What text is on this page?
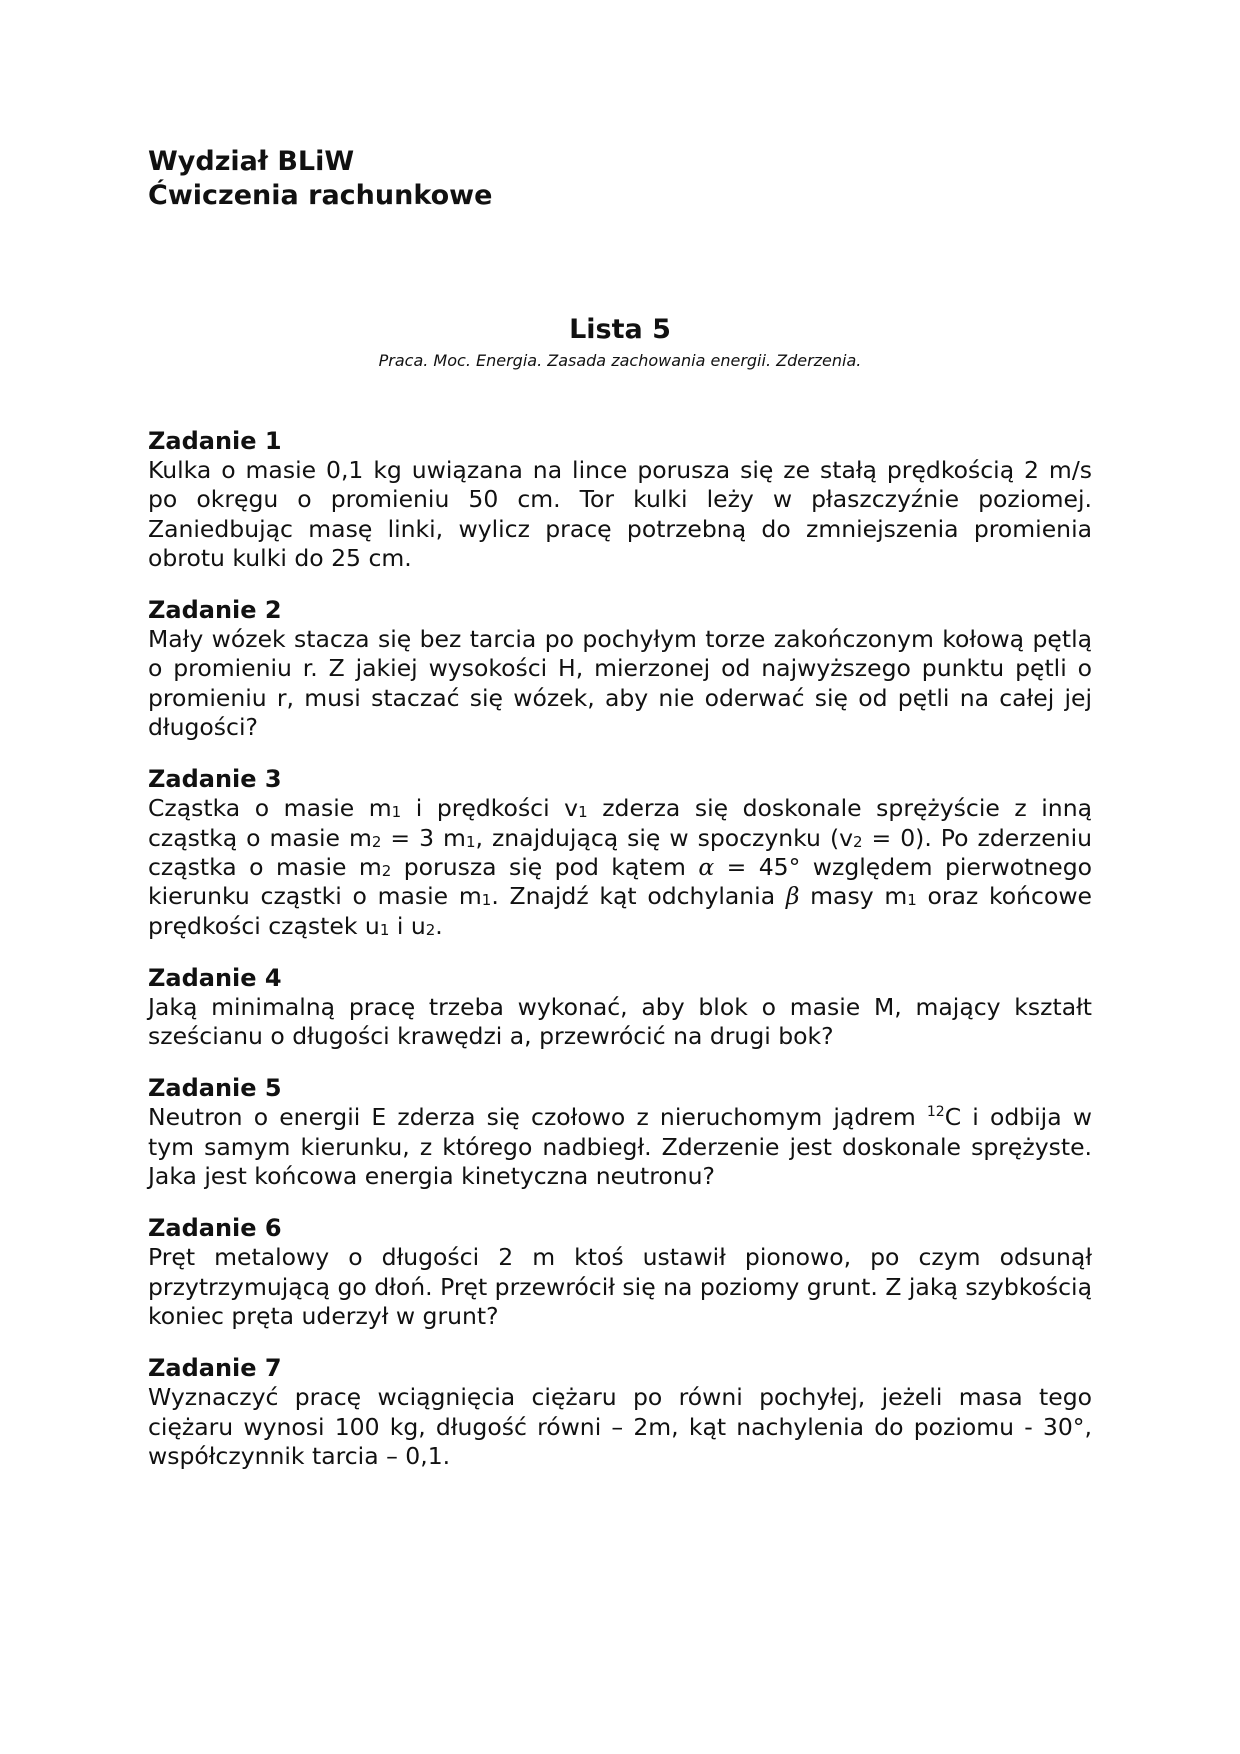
Wydział BLiW
Ćwiczenia rachunkowe
Lista 5
Praca. Moc. Energia. Zasada zachowania energii. Zderzenia.
Zadanie 1
Kulka o masie 0,1 kg uwiązana na lince porusza się ze stałą prędkością 2 m/s po okręgu o promieniu 50 cm. Tor kulki leży w płaszczyźnie poziomej. Zaniedbując masę linki, wylicz pracę potrzebną do zmniejszenia promienia obrotu kulki do 25 cm.
Zadanie 2
Mały wózek stacza się bez tarcia po pochyłym torze zakończonym kołową pętlą o promieniu r. Z jakiej wysokości H, mierzonej od najwyższego punktu pętli o promieniu r, musi staczać się wózek, aby nie oderwać się od pętli na całej jej długości?
Zadanie 3
Cząstka o masie $m_1$ i prędkości $v_1$ zderza się doskonale sprężyście z inną cząstką o masie $m_2 = 3$ $m_1$, znajdującą się w spoczynku $(v_2 = 0)$. Po zderzeniu cząstka o masie $m_2$ porusza się pod kątem α = 45° względem pierwotnego kierunku cząstki o masie $m_1$. Znajdź kąt odchylania β masy $m_1$ oraz końcowe prędkości cząstek $u_1$ i $u_2$.
Zadanie 4
Jaką minimalną pracę trzeba wykonać, aby blok o masie M, mający kształt sześcianu o długości krawędzi a, przewrócić na drugi bok?
Zadanie 5
Neutron o energii E zderza się czołowo z nieruchomym jądrem $^{12}$C i odbija w tym samym kierunku, z którego nadbiegł. Zderzenie jest doskonale sprężyste. Jaka jest końcowa energia kinetyczna neutronu?
Zadanie 6
Pręt metalowy o długości 2 m ktoś ustawił pionowo, po czym odsunął przytrzymującą go dłoń. Pręt przewrócił się na poziomy grunt. Z jaką szybkością koniec pręta uderzył w grunt?
Zadanie 7
Wyznaczyć pracę wciągnięcia ciężaru po równi pochyłej, jeżeli masa tego ciężaru wynosi 100 kg, długość równi – 2m, kąt nachylenia do poziomu - 30°, współczynnik tarcia – 0,1.
